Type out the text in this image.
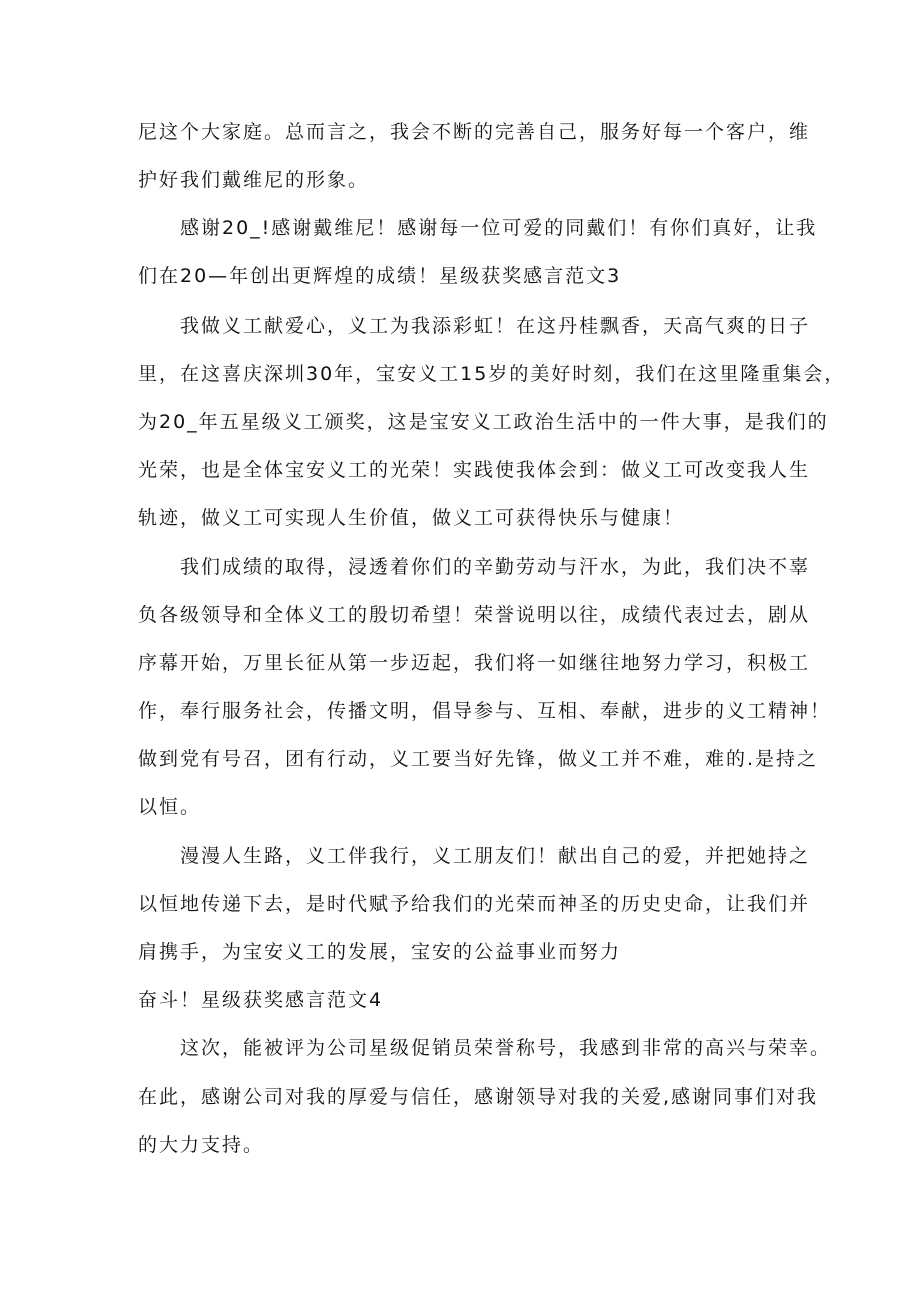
尼这个大家庭。总而言之，我会不断的完善自己，服务好每一个客户，维
护好我们戴维尼的形象。
感谢20_!感谢戴维尼！感谢每一位可爱的同戴们！有你们真好，让我
们在20—年创出更辉煌的成绩！星级获奖感言范文3
我做义工献爱心，义工为我添彩虹！在这丹桂飘香，天高气爽的日子
里，在这喜庆深圳30年，宝安义工15岁的美好时刻，我们在这里隆重集会，
为20_年五星级义工颁奖，这是宝安义工政治生活中的一件大事，是我们的
光荣，也是全体宝安义工的光荣！实践使我体会到：做义工可改变我人生
轨迹，做义工可实现人生价值，做义工可获得快乐与健康！
我们成绩的取得，浸透着你们的辛勤劳动与汗水，为此，我们决不辜
负各级领导和全体义工的殷切希望！荣誉说明以往，成绩代表过去，剧从
序幕开始，万里长征从第一步迈起，我们将一如继往地努力学习，积极工
作，奉行服务社会，传播文明，倡导参与、互相、奉献，进步的义工精神！
做到党有号召，团有行动，义工要当好先锋，做义工并不难，难的.是持之
以恒。
漫漫人生路，义工伴我行，义工朋友们！献出自己的爱，并把她持之
以恒地传递下去，是时代赋予给我们的光荣而神圣的历史史命，让我们并
肩携手，为宝安义工的发展，宝安的公益事业而努力
奋斗！星级获奖感言范文4
这次，能被评为公司星级促销员荣誉称号，我感到非常的高兴与荣幸。
在此，感谢公司对我的厚爱与信任，感谢领导对我的关爱,感谢同事们对我
的大力支持。
